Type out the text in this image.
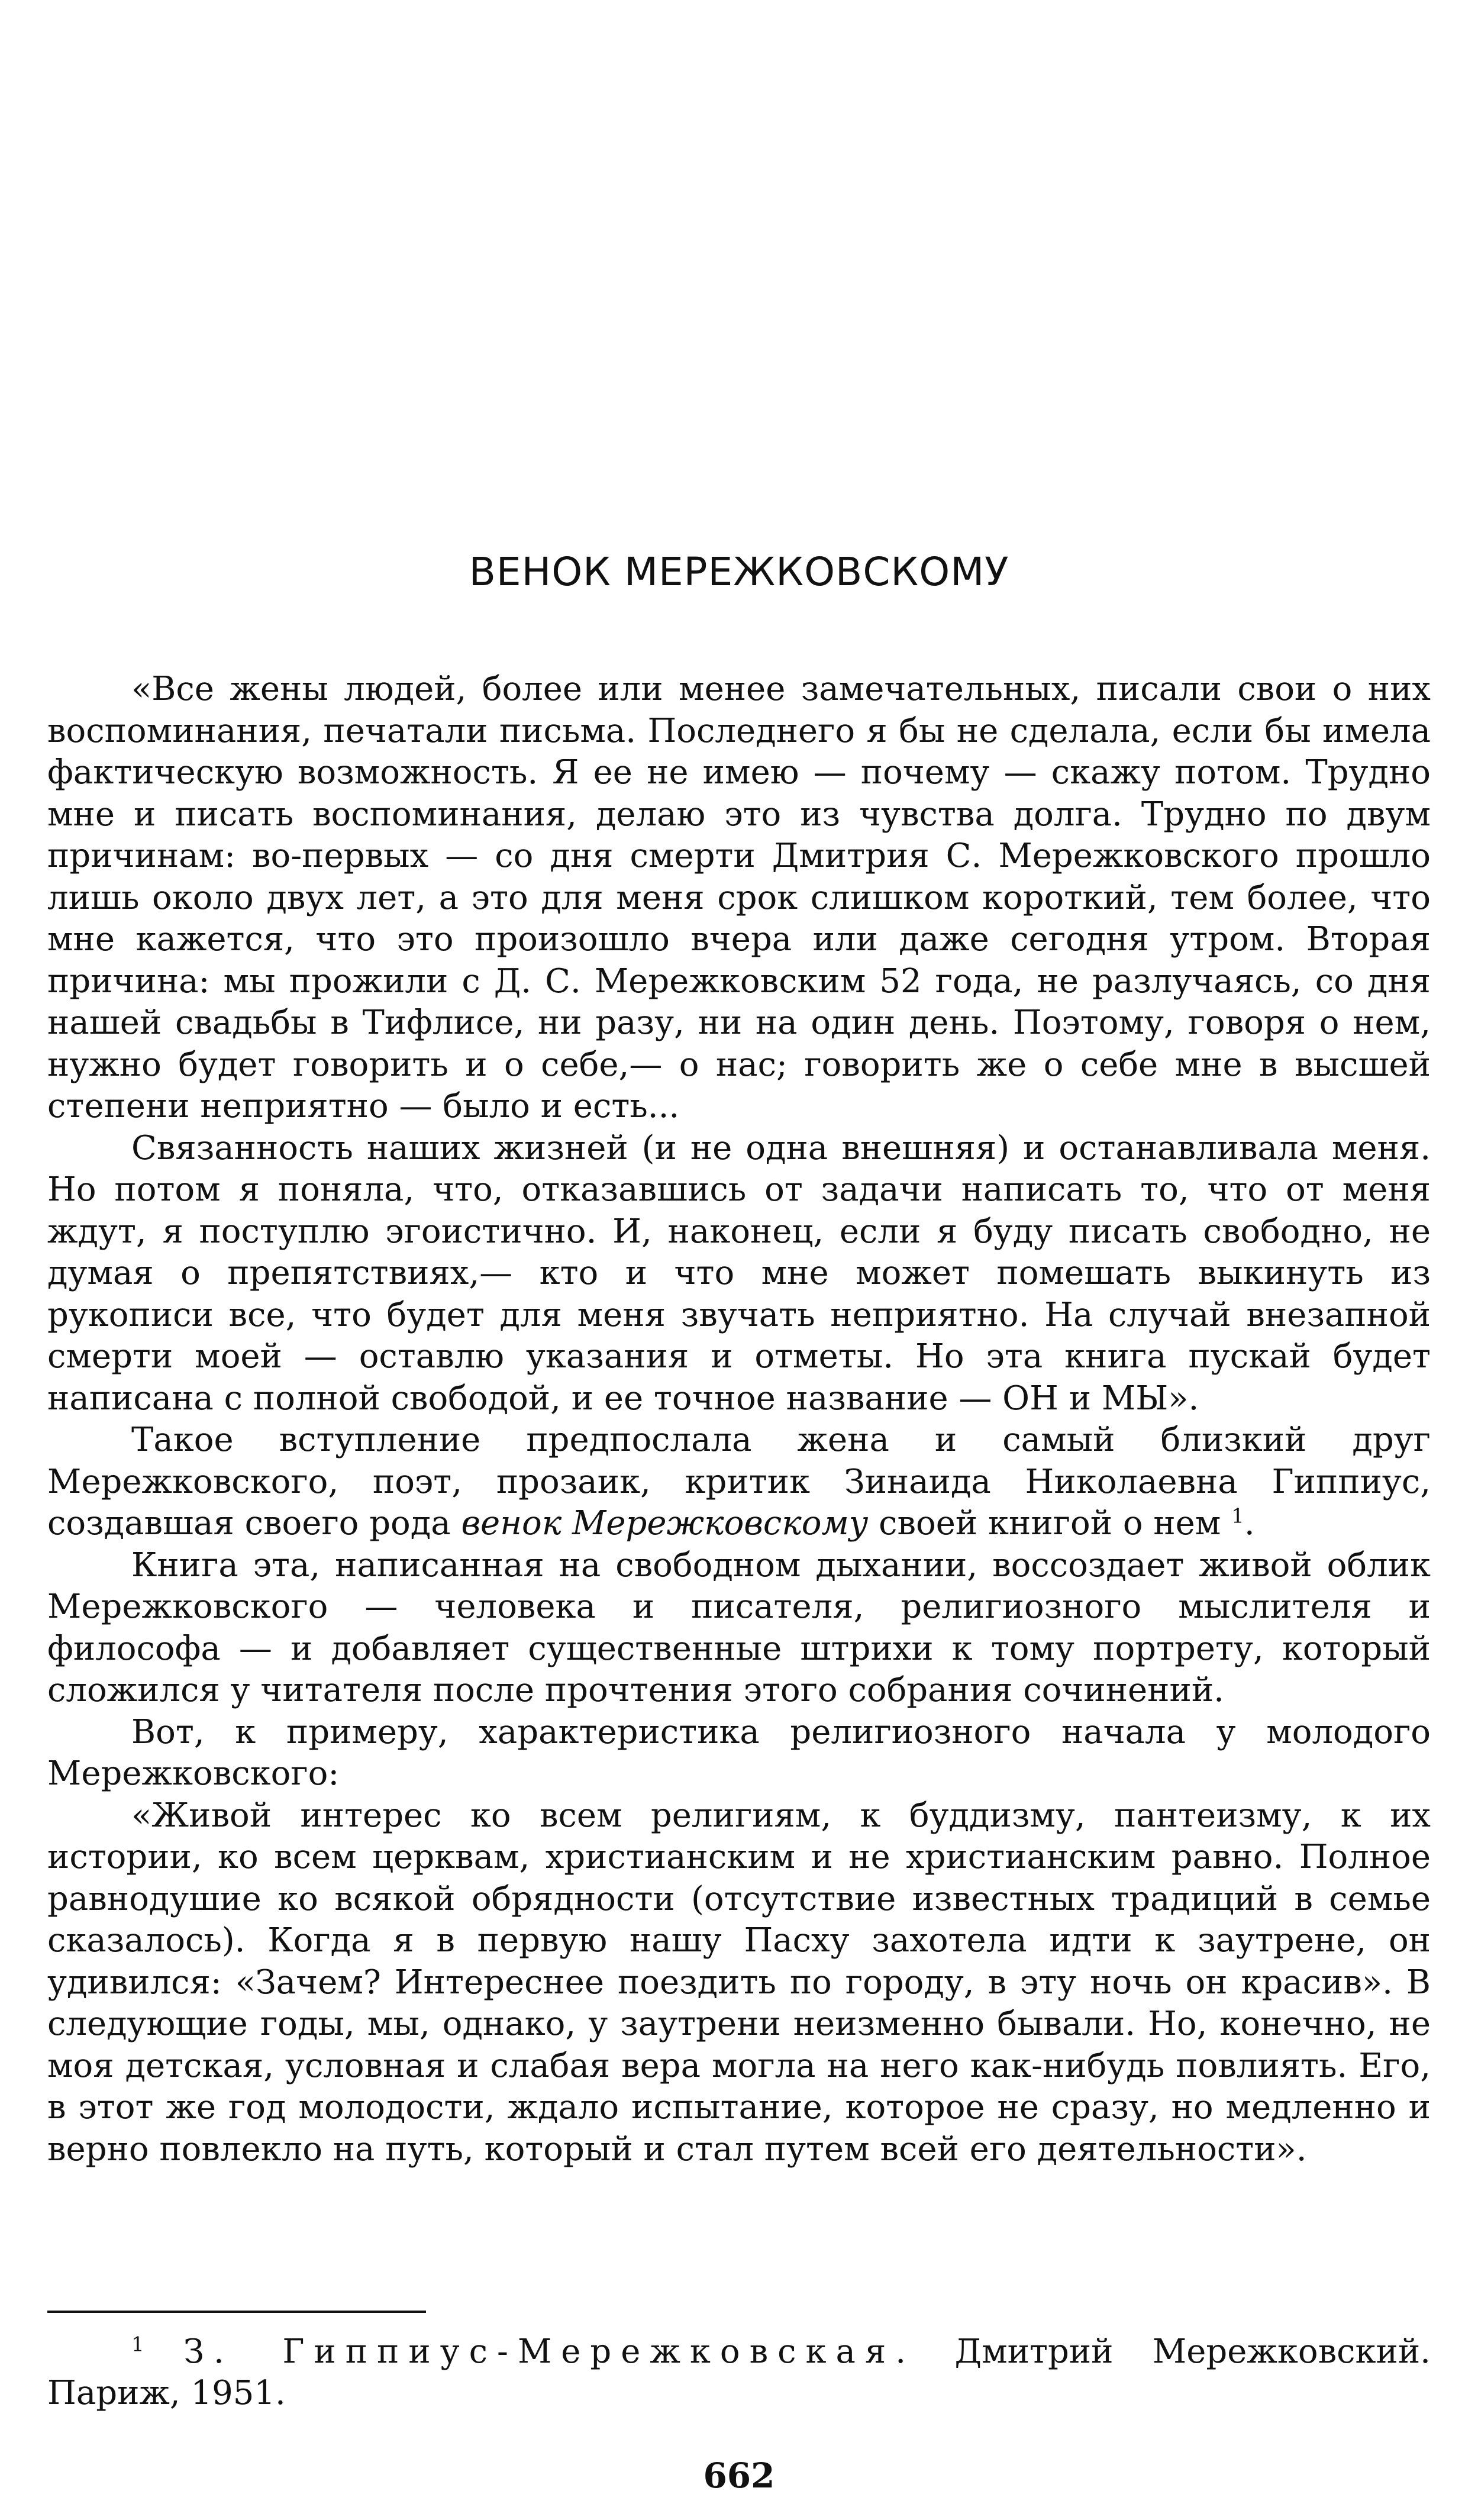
ВЕНОК МЕРЕЖКОВСКОМУ

«Все жены людей, более или менее замечательных, писали свои о них воспоминания, печатали письма. Последнего я бы не сделала, если бы имела фактическую возможность. Я ее не имею — почему — скажу потом. Трудно мне и писать воспоминания, делаю это из чувства долга. Трудно по двум причинам: во-первых — со дня смерти Дмитрия С. Мережковского прошло лишь около двух лет, а это для меня срок слишком короткий, тем более, что мне кажется, что это произошло вчера или даже сегодня утром. Вторая причина: мы прожили с Д. С. Мережковским 52 года, не разлучаясь, со дня нашей свадьбы в Тифлисе, ни разу, ни на один день. Поэтому, говоря о нем, нужно будет говорить и о себе,— о нас; говорить же о себе мне в высшей степени неприятно — было и есть...

Связанность наших жизней (и не одна внешняя) и останавливала меня. Но потом я поняла, что, отказавшись от задачи написать то, что от меня ждут, я поступлю эгоистично. И, наконец, если я буду писать свободно, не думая о препятствиях,— кто и что мне может помешать выкинуть из рукописи все, что будет для меня звучать неприятно. На случай внезапной смерти моей — оставлю указания и отметы. Но эта книга пускай будет написана с полной свободой, и ее точное название — ОН и МЫ».

Такое вступление предпослала жена и самый близкий друг Мережковского, поэт, прозаик, критик Зинаида Николаевна Гиппиус, создавшая своего рода венок Мережковскому своей книгой о нем $^1$.

Книга эта, написанная на свободном дыхании, воссоздает живой облик Мережковского — человека и писателя, религиозного мыслителя и философа — и добавляет существенные штрихи к тому портрету, который сложился у читателя после прочтения этого собрания сочинений.

Вот, к примеру, характеристика религиозного начала у молодого Мережковского:

«Живой интерес ко всем религиям, к буддизму, пантеизму, к их истории, ко всем церквам, христианским и не христианским равно. Полное равнодушие ко всякой обрядности (отсутствие известных традиций в семье сказалось). Когда я в первую нашу Пасху захотела идти к заутрене, он удивился: «Зачем? Интереснее поездить по городу, в эту ночь он красив». В следующие годы, мы, однако, у заутрени неизменно бывали. Но, конечно, не моя детская, условная и слабая вера могла на него как-нибудь повлиять. Его, в этот же год молодости, ждало испытание, которое не сразу, но медленно и верно повлекло на путь, который и стал путем всей его деятельности».

$^1$ З. Гиппиус-Мережковская. Дмитрий Мережковский. Париж, 1951.

662
